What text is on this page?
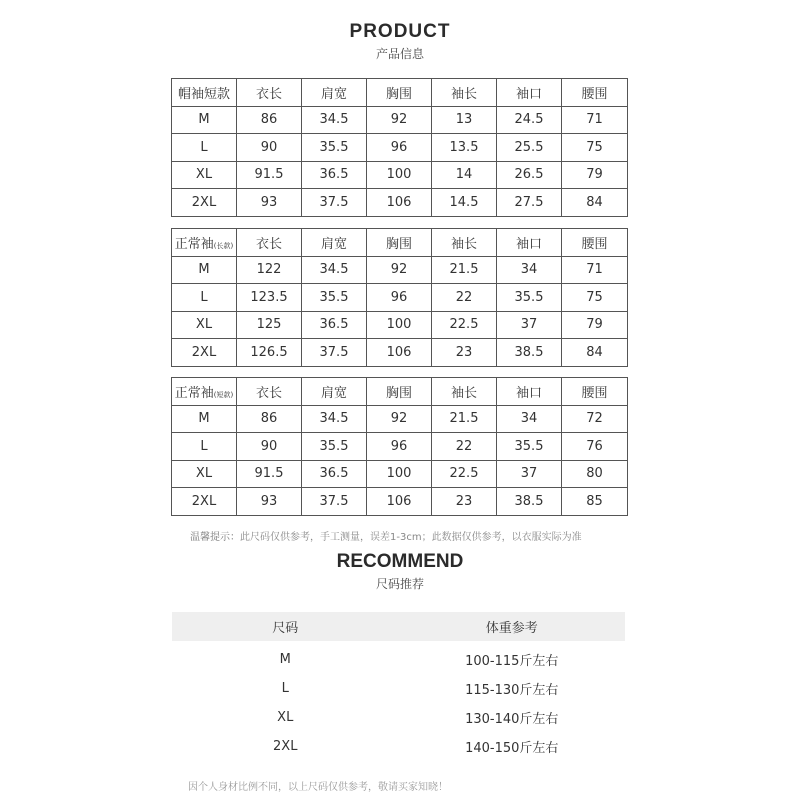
PRODUCT
产品信息
帽袖短款	衣长	肩宽	胸围	袖长	袖口	腰围
M	86	34.5	92	13	24.5	71
L	90	35.5	96	13.5	25.5	75
XL	91.5	36.5	100	14	26.5	79
2XL	93	37.5	106	14.5	27.5	84
正常袖(长款)	衣长	肩宽	胸围	袖长	袖口	腰围
M	122	34.5	92	21.5	34	71
L	123.5	35.5	96	22	35.5	75
XL	125	36.5	100	22.5	37	79
2XL	126.5	37.5	106	23	38.5	84
正常袖(短款)	衣长	肩宽	胸围	袖长	袖口	腰围
M	86	34.5	92	21.5	34	72
L	90	35.5	96	22	35.5	76
XL	91.5	36.5	100	22.5	37	80
2XL	93	37.5	106	23	38.5	85
温馨提示：此尺码仅供参考，手工测量，误差1-3cm；此数据仅供参考，以衣服实际为准
RECOMMEND
尺码推荐
尺码	体重参考
M	100-115斤左右
L	115-130斤左右
XL	130-140斤左右
2XL	140-150斤左右
因个人身材比例不同，以上尺码仅供参考，敬请买家知晓！
